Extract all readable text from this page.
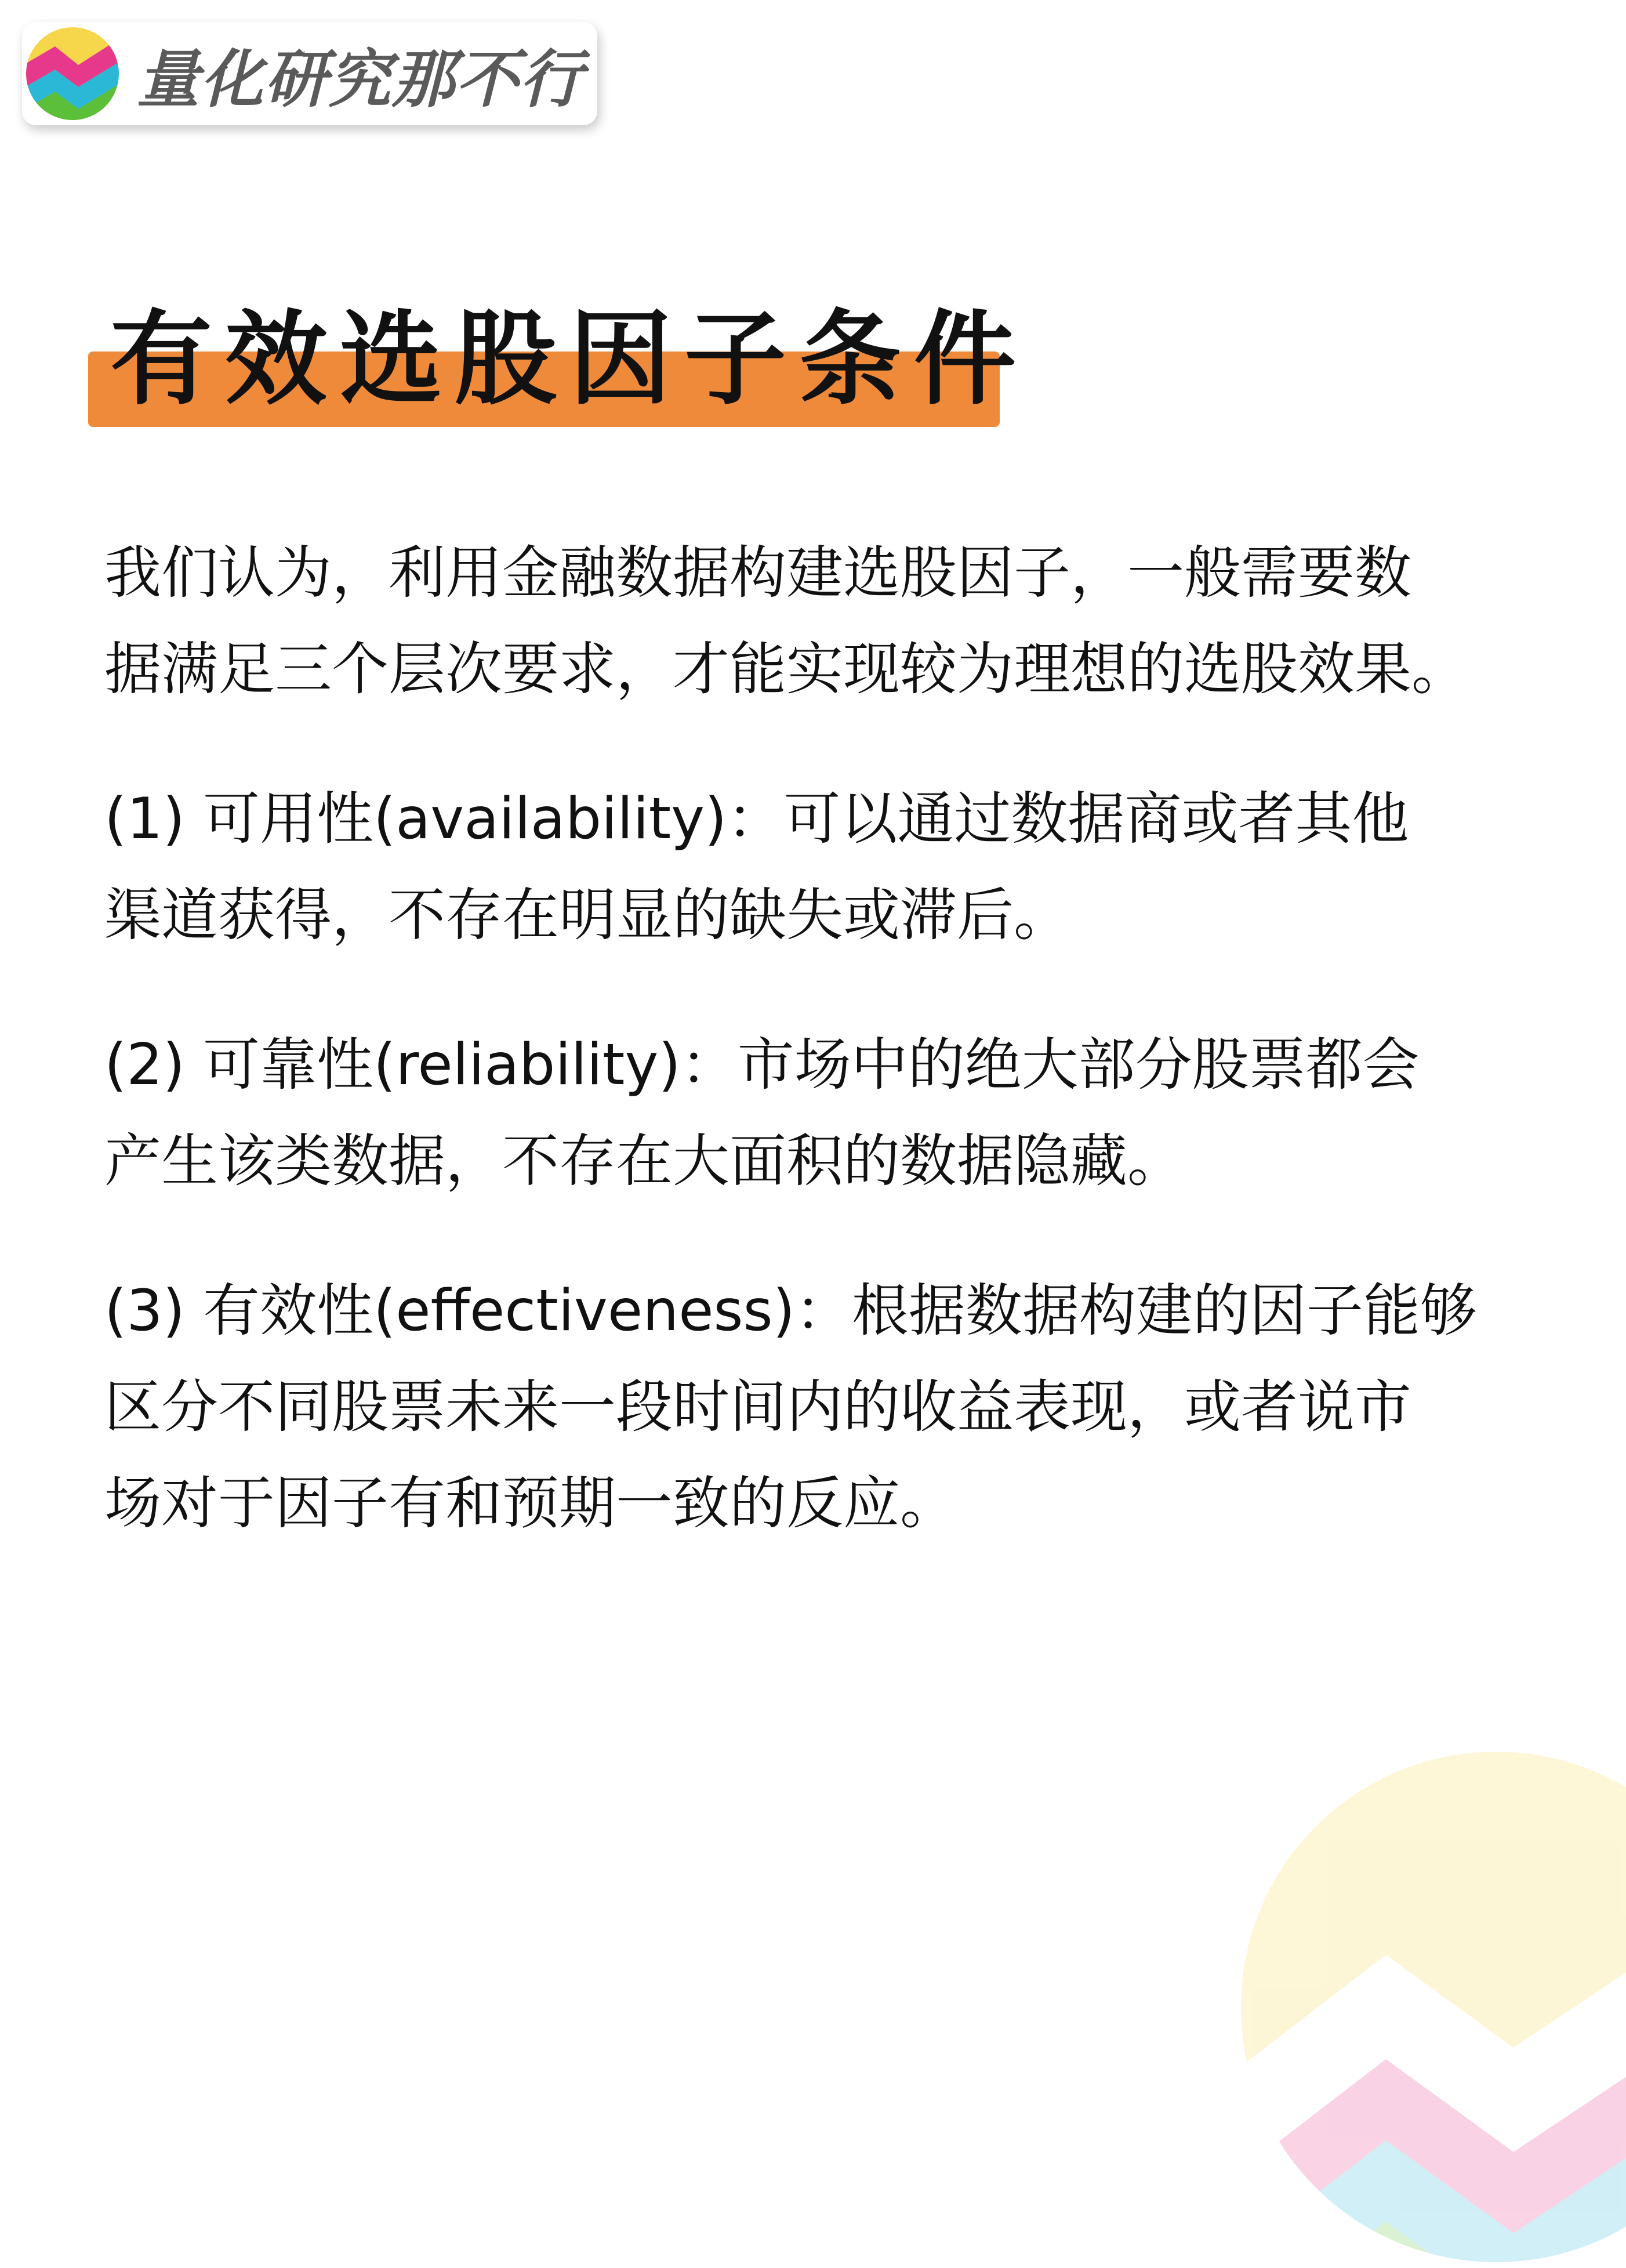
量化研究那不行
有效选股因子条件

我们认为，利用金融数据构建选股因子，一般需要数
据满足三个层次要求，才能实现较为理想的选股效果。

(1) 可用性(availability)：可以通过数据商或者其他
渠道获得，不存在明显的缺失或滞后。

(2) 可靠性(reliability)：市场中的绝大部分股票都会
产生该类数据，不存在大面积的数据隐藏。

(3) 有效性(effectiveness)：根据数据构建的因子能够
区分不同股票未来一段时间内的收益表现，或者说市
场对于因子有和预期一致的反应。
